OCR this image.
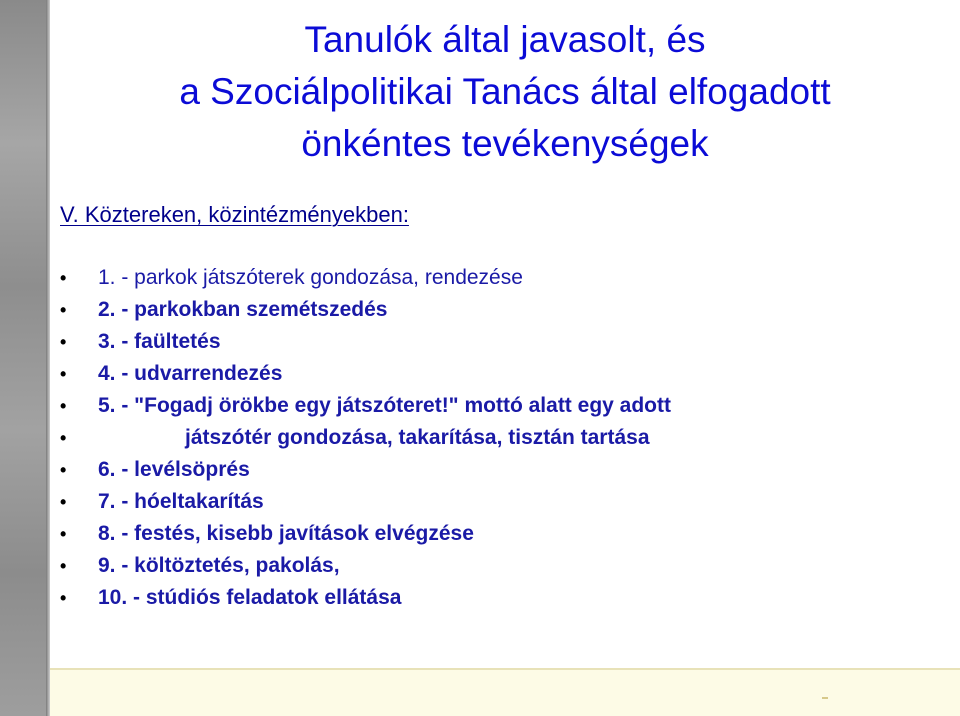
Tanulók által javasolt, és
a Szociálpolitikai Tanács által elfogadott
önkéntes tevékenységek

V. Köztereken, közintézményekben:

• 1. - parkok játszóterek gondozása, rendezése
• 2. - parkokban szemétszedés
• 3. - faültetés
• 4. - udvarrendezés
• 5. - "Fogadj örökbe egy játszóteret!" mottó alatt egy adott
•	játszótér gondozása, takarítása, tisztán tartása
• 6. - levélsöprés
• 7. - hóeltakarítás
• 8. - festés, kisebb javítások elvégzése
• 9. - költöztetés, pakolás,
• 10. - stúdiós feladatok ellátása
